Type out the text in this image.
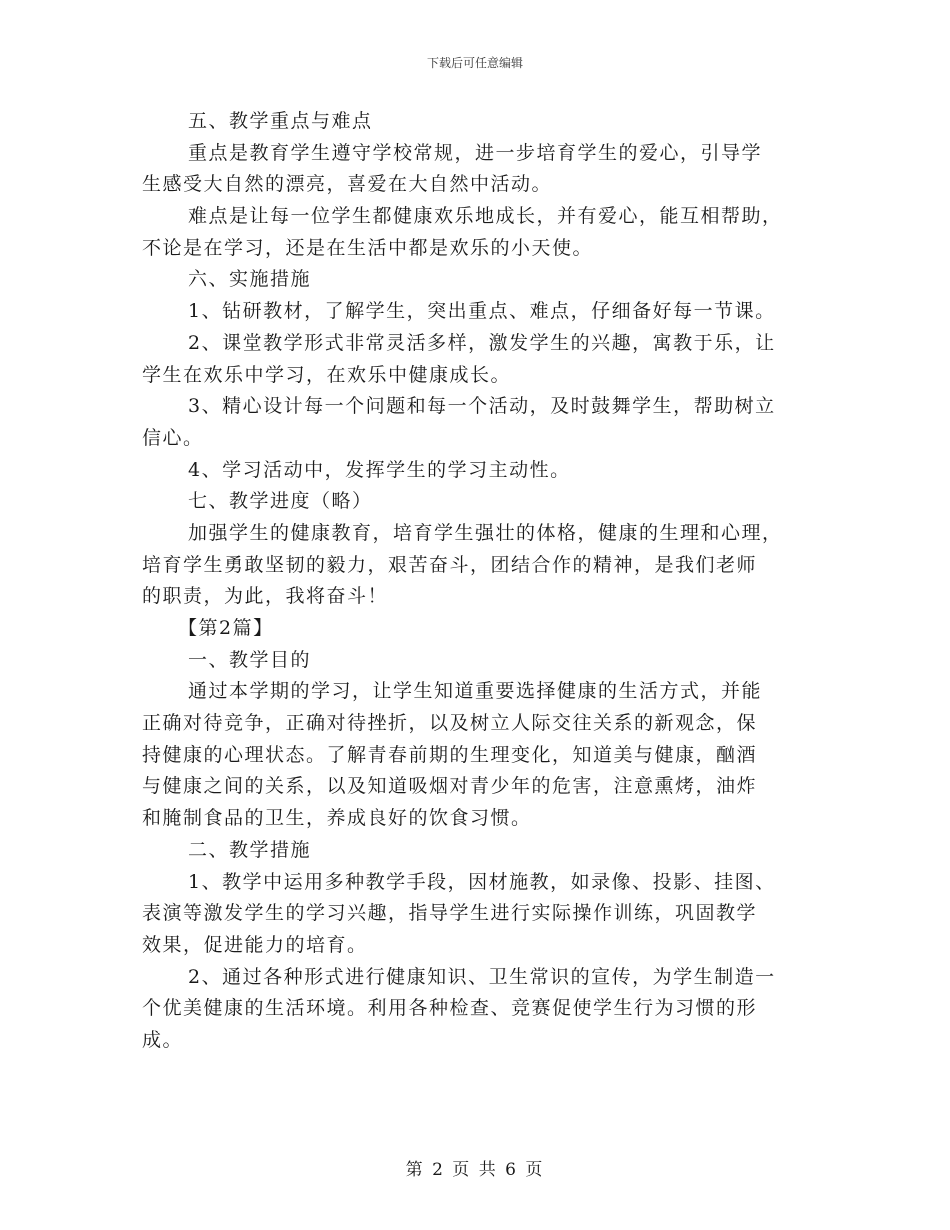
下载后可任意编辑
五、教学重点与难点
重点是教育学生遵守学校常规，进一步培育学生的爱心，引导学
生感受大自然的漂亮，喜爱在大自然中活动。
难点是让每一位学生都健康欢乐地成长，并有爱心，能互相帮助，
不论是在学习，还是在生活中都是欢乐的小天使。
六、实施措施
1、钻研教材，了解学生，突出重点、难点，仔细备好每一节课。
2、课堂教学形式非常灵活多样，激发学生的兴趣，寓教于乐，让
学生在欢乐中学习，在欢乐中健康成长。
3、精心设计每一个问题和每一个活动，及时鼓舞学生，帮助树立
信心。
4、学习活动中，发挥学生的学习主动性。
七、教学进度（略）
加强学生的健康教育，培育学生强壮的体格，健康的生理和心理，
培育学生勇敢坚韧的毅力，艰苦奋斗，团结合作的精神，是我们老师
的职责，为此，我将奋斗！
【第2篇】
一、教学目的
通过本学期的学习，让学生知道重要选择健康的生活方式，并能
正确对待竞争，正确对待挫折，以及树立人际交往关系的新观念，保
持健康的心理状态。了解青春前期的生理变化，知道美与健康，酗酒
与健康之间的关系，以及知道吸烟对青少年的危害，注意熏烤，油炸
和腌制食品的卫生，养成良好的饮食习惯。
二、教学措施
1、教学中运用多种教学手段，因材施教，如录像、投影、挂图、
表演等激发学生的学习兴趣，指导学生进行实际操作训练，巩固教学
效果，促进能力的培育。
2、通过各种形式进行健康知识、卫生常识的宣传，为学生制造一
个优美健康的生活环境。利用各种检查、竞赛促使学生行为习惯的形
成。
第 2 页 共 6 页
